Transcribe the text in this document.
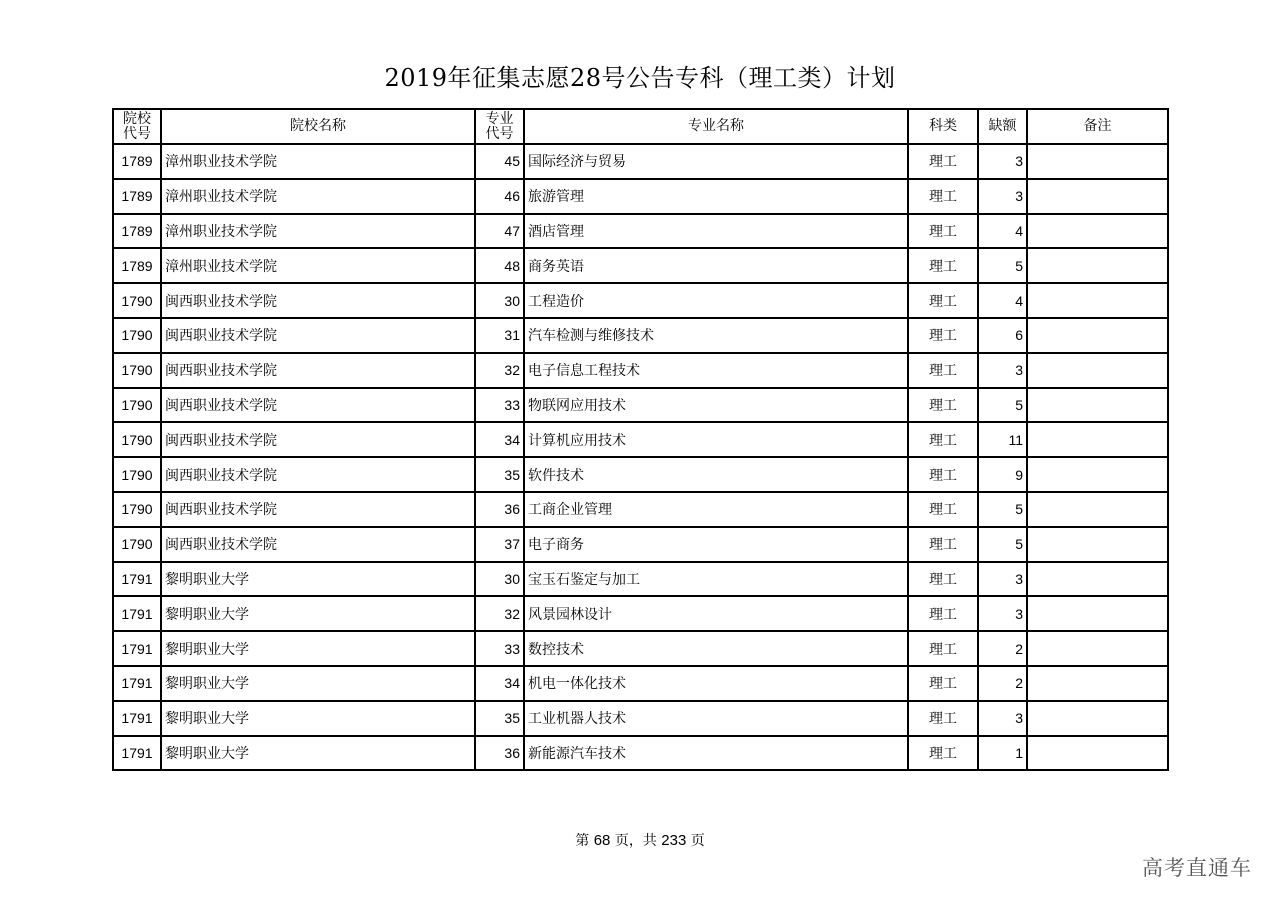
2019年征集志愿28号公告专科（理工类）计划
院校代号	院校名称	专业代号	专业名称	科类	缺额	备注
1789	漳州职业技术学院	45	国际经济与贸易	理工	3	
1789	漳州职业技术学院	46	旅游管理	理工	3	
1789	漳州职业技术学院	47	酒店管理	理工	4	
1789	漳州职业技术学院	48	商务英语	理工	5	
1790	闽西职业技术学院	30	工程造价	理工	4	
1790	闽西职业技术学院	31	汽车检测与维修技术	理工	6	
1790	闽西职业技术学院	32	电子信息工程技术	理工	3	
1790	闽西职业技术学院	33	物联网应用技术	理工	5	
1790	闽西职业技术学院	34	计算机应用技术	理工	11	
1790	闽西职业技术学院	35	软件技术	理工	9	
1790	闽西职业技术学院	36	工商企业管理	理工	5	
1790	闽西职业技术学院	37	电子商务	理工	5	
1791	黎明职业大学	30	宝玉石鉴定与加工	理工	3	
1791	黎明职业大学	32	风景园林设计	理工	3	
1791	黎明职业大学	33	数控技术	理工	2	
1791	黎明职业大学	34	机电一体化技术	理工	2	
1791	黎明职业大学	35	工业机器人技术	理工	3	
1791	黎明职业大学	36	新能源汽车技术	理工	1	
第 68 页，共 233 页
高考直通车
